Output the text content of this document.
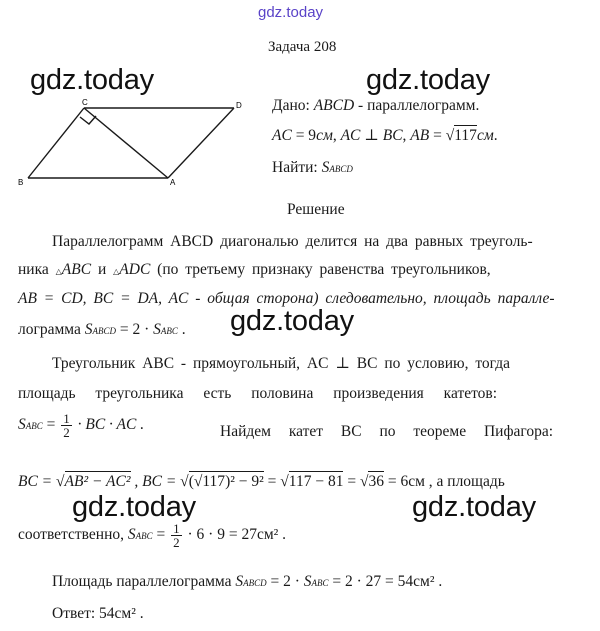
gdz.today
gdz.today	gdz.today
gdz.today
gdz.today	gdz.today
Задача 208
C	D
B	A
Дано: ABCD - параллелограмм.
AC = 9см, AC ⊥ BC, AB = √117см.
Найти: SABCD
Решение
Параллелограмм ABCD диагональю делится на два равных треуголь-
ника △ABC и △ADC (по третьему признаку равенства треугольников,
AB = CD, BC = DA, AC - общая сторона) следовательно, площадь паралле-
лограмма SABCD = 2 · SABC .
Треугольник ABC - прямоугольный, AC ⊥ BC по условию, тогда
площадь треугольника есть половина произведения катетов:
SABC = $\frac{1}{2}$ · BC · AC .	Найдем катет BC по теореме Пифагора:
BC = √AB² − AC² , BC = √(√117)² − 9² = √117 − 81 = √36 = 6см , а площадь
соответственно, SABC = $\frac{1}{2} \cdot 6 \cdot 9 = 27см^2$ .
Площадь параллелограмма SABCD = 2 · SABC = 2 · 27 = 54см² .
Ответ: 54см² .
